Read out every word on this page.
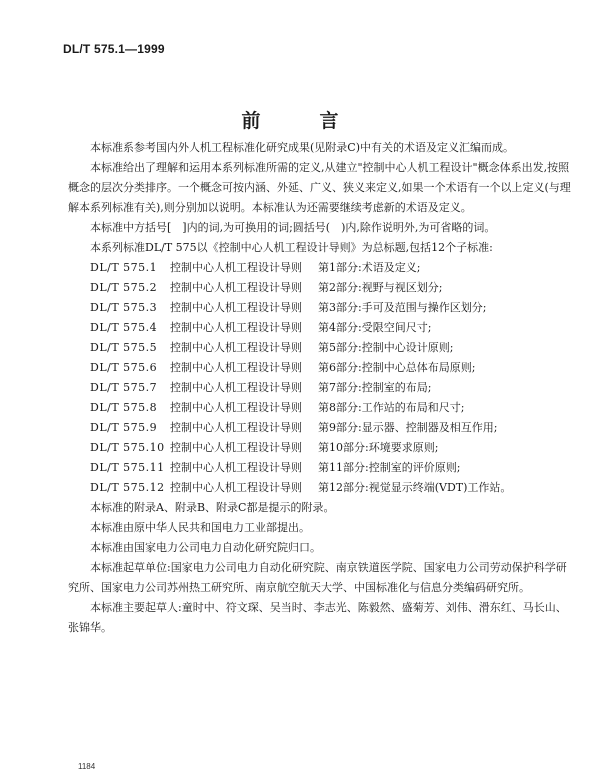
DL/T 575.1—1999
前　言

本标准系参考国内外人机工程标准化研究成果(见附录C)中有关的术语及定义汇编而成。

本标准给出了理解和运用本系列标准所需的定义,从建立"控制中心人机工程设计"概念体系出发,按照概念的层次分类排序。一个概念可按内涵、外延、广义、狭义来定义,如果一个术语有一个以上定义(与理解本系列标准有关),则分别加以说明。本标准认为还需要继续考虑新的术语及定义。

本标准中方括号[　]内的词,为可换用的词;圆括号(　)内,除作说明外,为可省略的词。

本系列标准DL/T 575以《控制中心人机工程设计导则》为总标题,包括12个子标准:

DL/T 575.1	控制中心人机工程设计导则	第1部分:术语及定义;
DL/T 575.2	控制中心人机工程设计导则	第2部分:视野与视区划分;
DL/T 575.3	控制中心人机工程设计导则	第3部分:手可及范围与操作区划分;
DL/T 575.4	控制中心人机工程设计导则	第4部分:受限空间尺寸;
DL/T 575.5	控制中心人机工程设计导则	第5部分:控制中心设计原则;
DL/T 575.6	控制中心人机工程设计导则	第6部分:控制中心总体布局原则;
DL/T 575.7	控制中心人机工程设计导则	第7部分:控制室的布局;
DL/T 575.8	控制中心人机工程设计导则	第8部分:工作站的布局和尺寸;
DL/T 575.9	控制中心人机工程设计导则	第9部分:显示器、控制器及相互作用;
DL/T 575.10 控制中心人机工程设计导则	第10部分:环境要求原则;
DL/T 575.11 控制中心人机工程设计导则	第11部分:控制室的评价原则;
DL/T 575.12 控制中心人机工程设计导则	第12部分:视觉显示终端(VDT)工作站。

本标准的附录A、附录B、附录C都是提示的附录。

本标准由原中华人民共和国电力工业部提出。

本标准由国家电力公司电力自动化研究院归口。

本标准起草单位:国家电力公司电力自动化研究院、南京铁道医学院、国家电力公司劳动保护科学研究所、国家电力公司苏州热工研究所、南京航空航天大学、中国标准化与信息分类编码研究所。

本标准主要起草人:童时中、符文琛、吴当时、李志光、陈毅然、盛菊芳、刘伟、滑东红、马长山、张锦华。

1184
